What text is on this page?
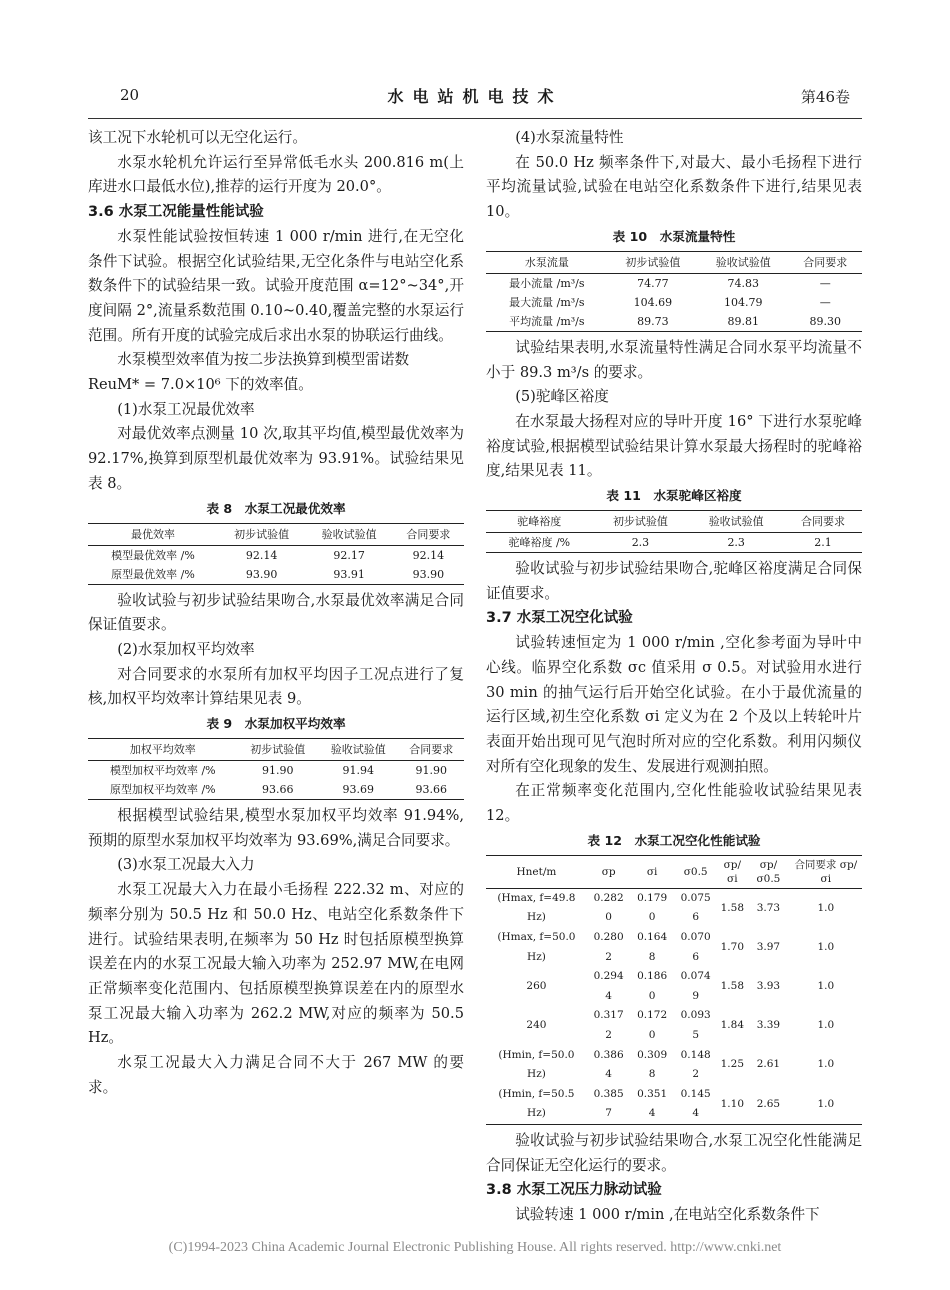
20	水电站机电技术	第46卷

该工况下水轮机可以无空化运行。

水泵水轮机允许运行至异常低毛水头 200.816 m(上库进水口最低水位),推荐的运行开度为 20.0°。

3.6 水泵工况能量性能试验

水泵性能试验按恒转速 1 000 r/min 进行,在无空化条件下试验。根据空化试验结果,无空化条件与电站空化系数条件下的试验结果一致。试验开度范围 α=12°~34°,开度间隔 2°,流量系数范围 0.10~0.40,覆盖完整的水泵运行范围。所有开度的试验完成后求出水泵的协联运行曲线。

水泵模型效率值为按二步法换算到模型雷诺数

ReuM* = 7.0×10⁶ 下的效率值。

(1)水泵工况最优效率

对最优效率点测量 10 次,取其平均值,模型最优效率为 92.17%,换算到原型机最优效率为 93.91%。试验结果见表 8。

表 8　水泵工况最优效率
最优效率	初步试验值	验收试验值	合同要求
模型最优效率 /%	92.14	92.17	92.14
原型最优效率 /%	93.90	93.91	93.90

验收试验与初步试验结果吻合,水泵最优效率满足合同保证值要求。

(2)水泵加权平均效率

对合同要求的水泵所有加权平均因子工况点进行了复核,加权平均效率计算结果见表 9。

表 9　水泵加权平均效率
加权平均效率	初步试验值	验收试验值	合同要求
模型加权平均效率 /%	91.90	91.94	91.90
原型加权平均效率 /%	93.66	93.69	93.66

根据模型试验结果,模型水泵加权平均效率 91.94%,预期的原型水泵加权平均效率为 93.69%,满足合同要求。

(3)水泵工况最大入力

水泵工况最大入力在最小毛扬程 222.32 m、对应的频率分别为 50.5 Hz 和 50.0 Hz、电站空化系数条件下进行。试验结果表明,在频率为 50 Hz 时包括原模型换算误差在内的水泵工况最大输入功率为 252.97 MW,在电网正常频率变化范围内、包括原模型换算误差在内的原型水泵工况最大输入功率为 262.2 MW,对应的频率为 50.5 Hz。

水泵工况最大入力满足合同不大于 267 MW 的要求。

(4)水泵流量特性

在 50.0 Hz 频率条件下,对最大、最小毛扬程下进行平均流量试验,试验在电站空化系数条件下进行,结果见表 10。

表 10　水泵流量特性
水泵流量	初步试验值	验收试验值	合同要求
最小流量 /m³/s	74.77	74.83	—
最大流量 /m³/s	104.69	104.79	—
平均流量 /m³/s	89.73	89.81	89.30

试验结果表明,水泵流量特性满足合同水泵平均流量不小于 89.3 m³/s 的要求。

(5)驼峰区裕度

在水泵最大扬程对应的导叶开度 16° 下进行水泵驼峰裕度试验,根据模型试验结果计算水泵最大扬程时的驼峰裕度,结果见表 11。

表 11　水泵驼峰区裕度
驼峰裕度	初步试验值	验收试验值	合同要求
驼峰裕度 /%	2.3	2.3	2.1

验收试验与初步试验结果吻合,驼峰区裕度满足合同保证值要求。

3.7 水泵工况空化试验

试验转速恒定为 1 000 r/min ,空化参考面为导叶中心线。临界空化系数 σc 值采用 σ 0.5。对试验用水进行 30 min 的抽气运行后开始空化试验。在小于最优流量的运行区域,初生空化系数 σi 定义为在 2 个及以上转轮叶片表面开始出现可见气泡时所对应的空化系数。利用闪频仪对所有空化现象的发生、发展进行观测拍照。

在正常频率变化范围内,空化性能验收试验结果见表 12。

表 12　水泵工况空化性能试验
Hnet/m	σp	σi	σ0.5	σp/σi	σp/σ0.5	合同要求 σp/σi
(Hmax, f=49.8 Hz)	0.282 0	0.179 0	0.075 6	1.58	3.73	1.0
(Hmax, f=50.0 Hz)	0.280 2	0.164 8	0.070 6	1.70	3.97	1.0
260	0.294 4	0.186 0	0.074 9	1.58	3.93	1.0
240	0.317 2	0.172 0	0.093 5	1.84	3.39	1.0
(Hmin, f=50.0 Hz)	0.386 4	0.309 8	0.148 2	1.25	2.61	1.0
(Hmin, f=50.5 Hz)	0.385 7	0.351 4	0.145 4	1.10	2.65	1.0

验收试验与初步试验结果吻合,水泵工况空化性能满足合同保证无空化运行的要求。

3.8 水泵工况压力脉动试验

试验转速 1 000 r/min ,在电站空化系数条件下

(C)1994-2023 China Academic Journal Electronic Publishing House. All rights reserved. http://www.cnki.net
